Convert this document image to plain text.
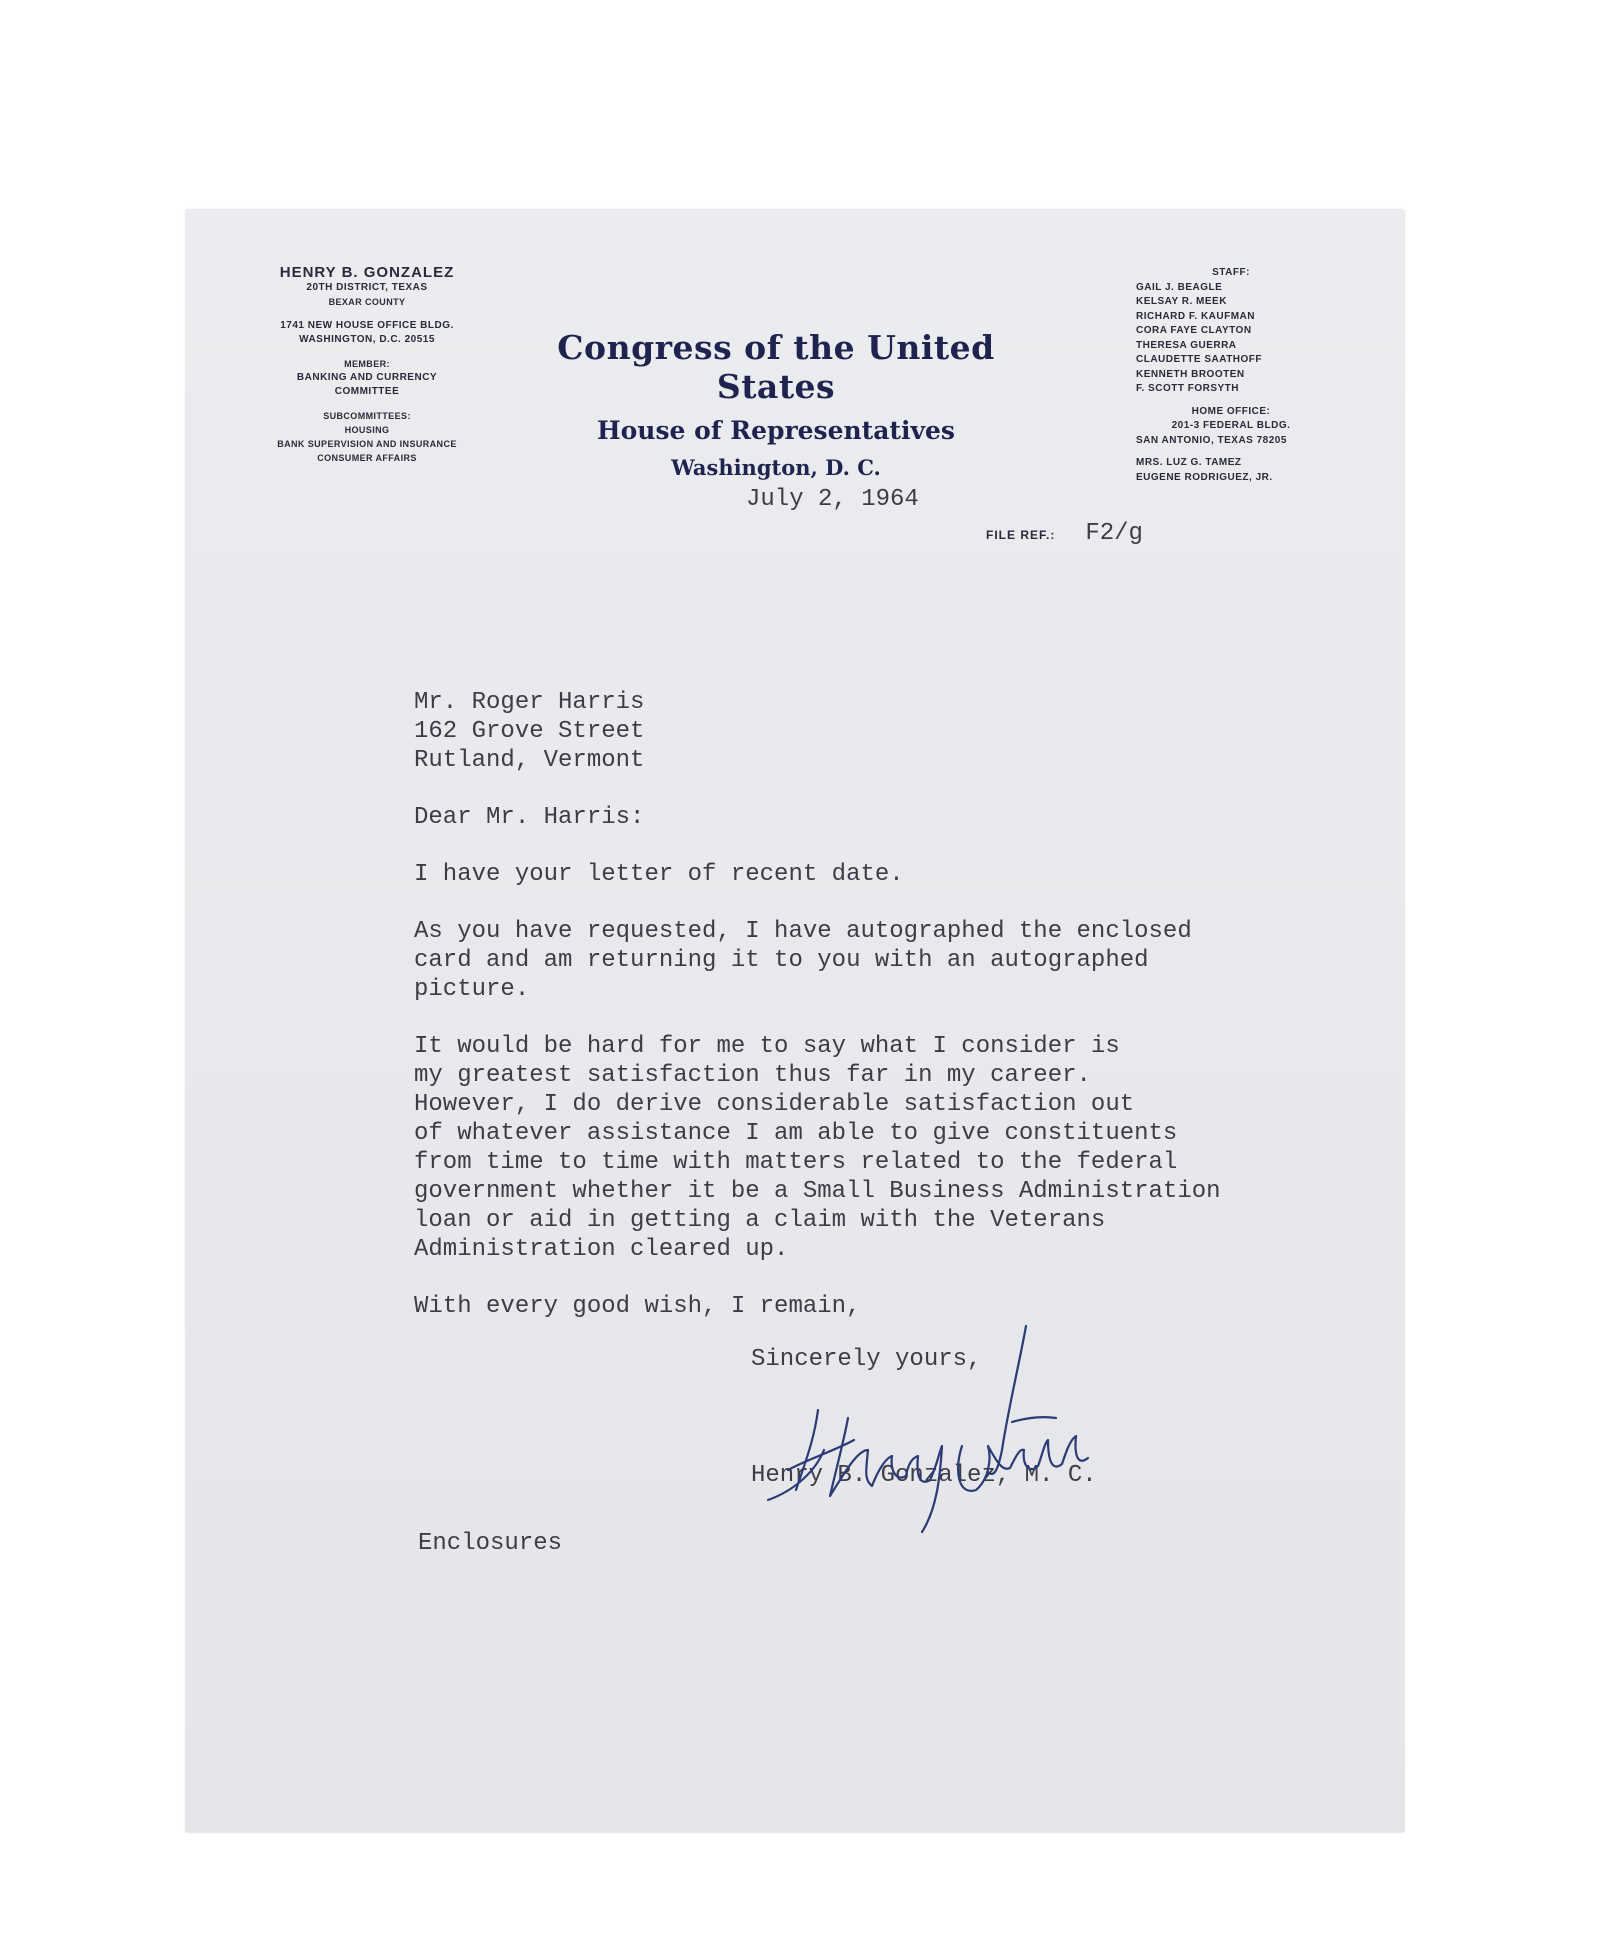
HENRY B. GONZALEZ
20TH DISTRICT, TEXAS
BEXAR COUNTY
1741 NEW HOUSE OFFICE BLDG.
WASHINGTON, D.C. 20515
MEMBER:
BANKING AND CURRENCY
COMMITTEE
SUBCOMMITTEES:
HOUSING
BANK SUPERVISION AND INSURANCE
CONSUMER AFFAIRS
Congress of the United States
House of Representatives
Washington, D. C.
STAFF:
GAIL J. BEAGLE
KELSAY R. MEEK
RICHARD F. KAUFMAN
CORA FAYE CLAYTON
THERESA GUERRA
CLAUDETTE SAATHOFF
KENNETH BROOTEN
F. SCOTT FORSYTH
HOME OFFICE:
201-3 FEDERAL BLDG.
SAN ANTONIO, TEXAS 78205
MRS. LUZ G. TAMEZ
EUGENE RODRIGUEZ, JR.
July 2, 1964
FILE REF.: F2/g
Mr. Roger Harris
162 Grove Street
Rutland, Vermont

Dear Mr. Harris:

I have your letter of recent date.

As you have requested, I have autographed the enclosed
card and am returning it to you with an autographed
picture.

It would be hard for me to say what I consider is
my greatest satisfaction thus far in my career.
However, I do derive considerable satisfaction out
of whatever assistance I am able to give constituents
from time to time with matters related to the federal
government whether it be a Small Business Administration
loan or aid in getting a claim with the Veterans
Administration cleared up.

With every good wish, I remain,

Sincerely yours,
Henry B. Gonzalez, M. C.
Enclosures
